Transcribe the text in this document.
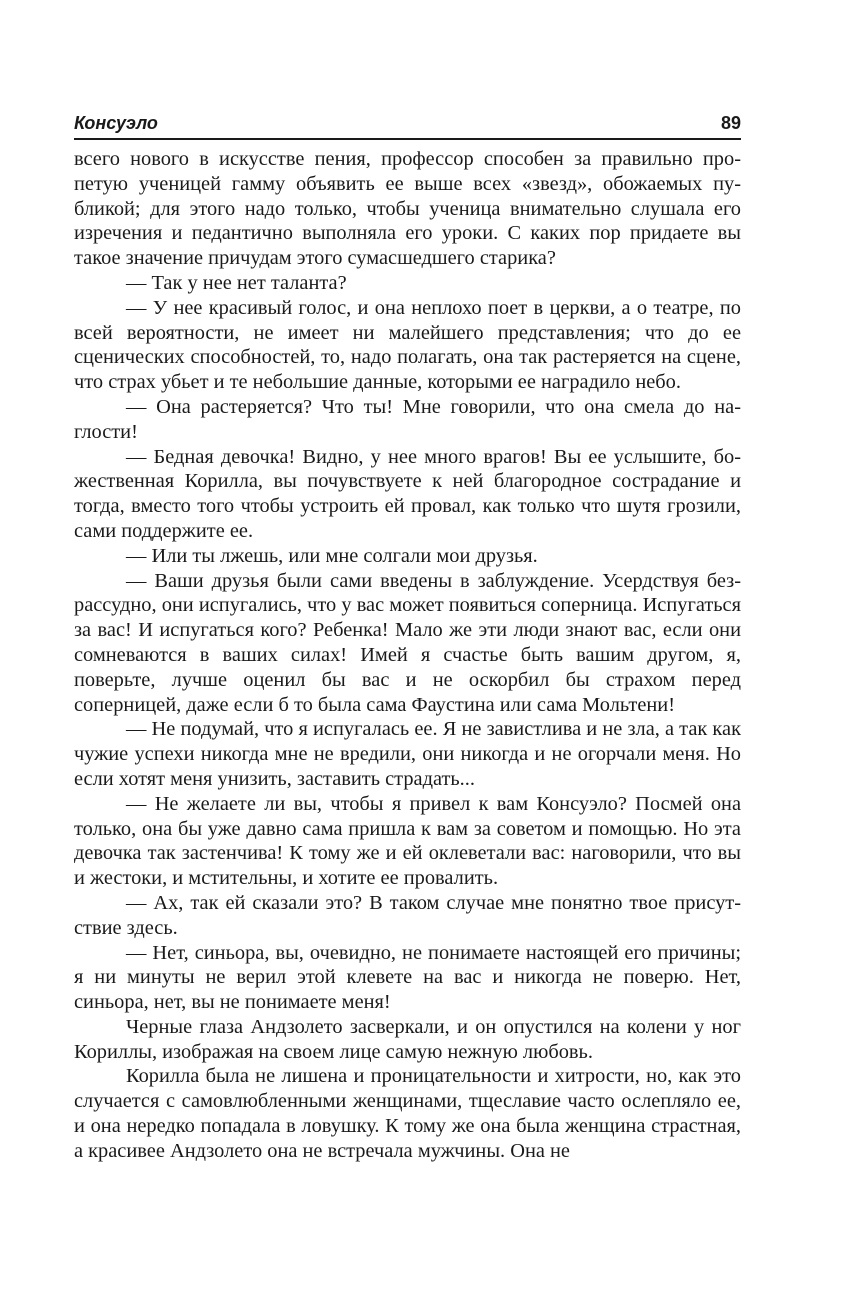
Консуэло	89

всего нового в искусстве пения, профессор способен за правильно пропетую ученицей гамму объявить ее выше всех «звезд», обожаемых публикой; для этого надо только, чтобы ученица внимательно слушала его изречения и педантично выполняла его уроки. С каких пор придаете вы такое значение причудам этого сумасшедшего старика?

— Так у нее нет таланта?

— У нее красивый голос, и она неплохо поет в церкви, а о театре, по всей вероятности, не имеет ни малейшего представления; что до ее сценических способностей, то, надо полагать, она так растеряется на сцене, что страх убьет и те небольшие данные, которыми ее наградило небо.

— Она растеряется? Что ты! Мне говорили, что она смела до наглости!

— Бедная девочка! Видно, у нее много врагов! Вы ее услышите, божественная Корилла, вы почувствуете к ней благородное сострадание и тогда, вместо того чтобы устроить ей провал, как только что шутя грозили, сами поддержите ее.

— Или ты лжешь, или мне солгали мои друзья.

— Ваши друзья были сами введены в заблуждение. Усердствуя безрассудно, они испугались, что у вас может появиться соперница. Испугаться за вас! И испугаться кого? Ребенка! Мало же эти люди знают вас, если они сомневаются в ваших силах! Имей я счастье быть вашим другом, я, поверьте, лучше оценил бы вас и не оскорбил бы страхом перед соперницей, даже если б то была сама Фаустина или сама Мольтени!

— Не подумай, что я испугалась ее. Я не завистлива и не зла, а так как чужие успехи никогда мне не вредили, они никогда и не огорчали меня. Но если хотят меня унизить, заставить страдать...

— Не желаете ли вы, чтобы я привел к вам Консуэло? Посмей она только, она бы уже давно сама пришла к вам за советом и помощью. Но эта девочка так застенчива! К тому же и ей оклеветали вас: наговорили, что вы и жестоки, и мстительны, и хотите ее провалить.

— Ах, так ей сказали это? В таком случае мне понятно твое присутствие здесь.

— Нет, синьора, вы, очевидно, не понимаете настоящей его причины; я ни минуты не верил этой клевете на вас и никогда не поверю. Нет, синьора, нет, вы не понимаете меня!

Черные глаза Андзолето засверкали, и он опустился на колени у ног Кориллы, изображая на своем лице самую нежную любовь.

Корилла была не лишена и проницательности и хитрости, но, как это случается с самовлюбленными женщинами, тщеславие часто ослепляло ее, и она нередко попадала в ловушку. К тому же она была женщина страстная, а красивее Андзолето она не встречала мужчины. Она не
